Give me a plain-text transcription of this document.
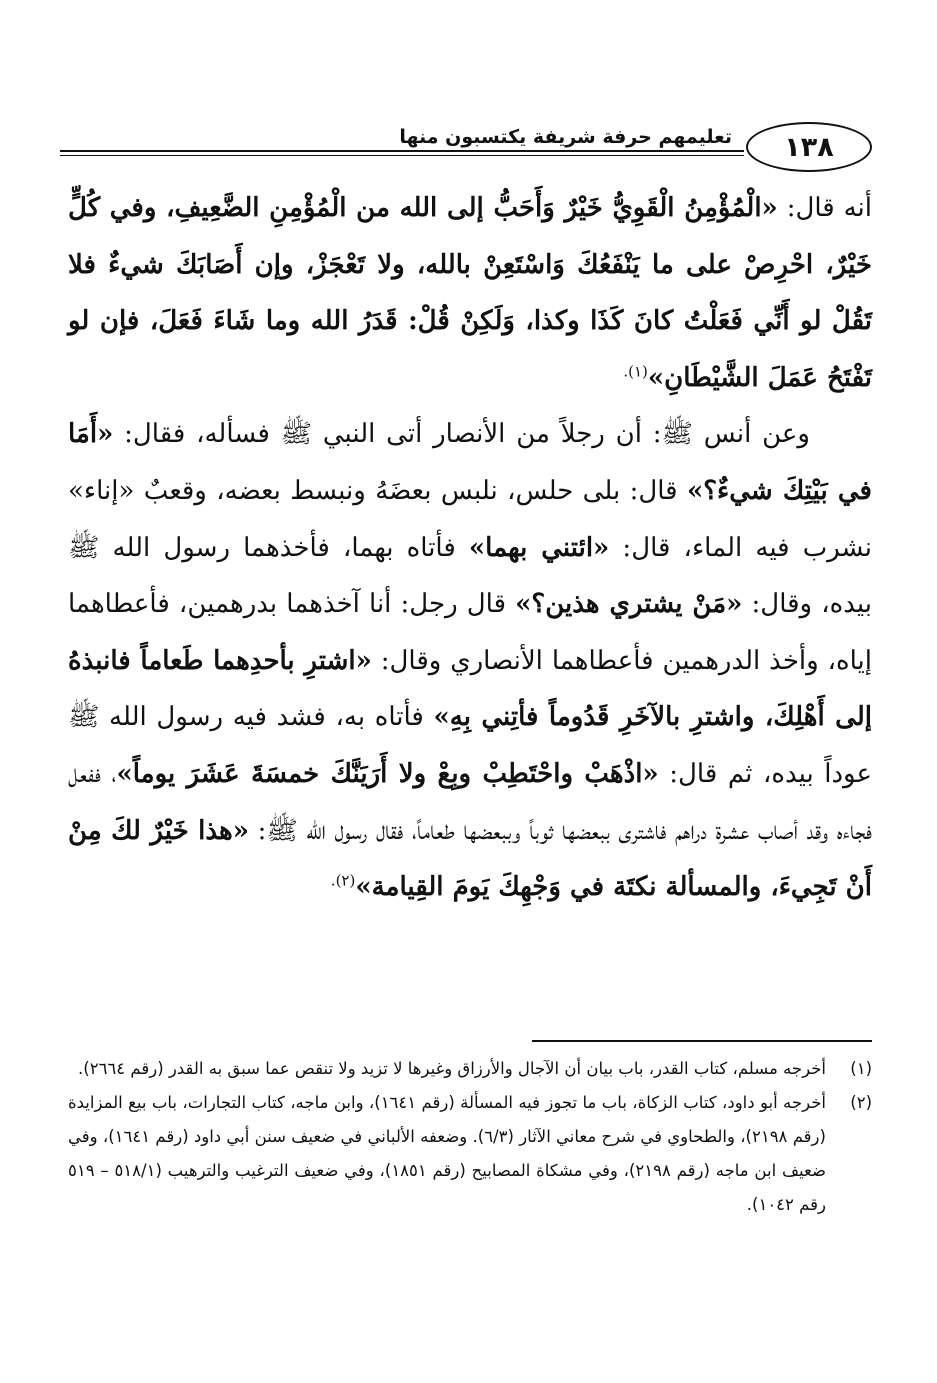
١٣٨
تعليمهم حرفة شريفة يكتسبون منها

أنه قال: «الْمُؤْمِنُ الْقَوِيُّ خَيْرٌ وَأَحَبُّ إلى الله من الْمُؤْمِنِ الضَّعِيفِ، وفي كُلٍّ خَيْرٌ، احْرِصْ على ما يَنْفَعُكَ وَاسْتَعِنْ بالله، ولا تَعْجَزْ، وإن أَصَابَكَ شيءٌ فلا تَقُلْ لو أَنِّي فَعَلْتُ كانَ كَذَا وكذا، وَلَكِنْ قُلْ: قَدَرُ الله وما شَاءَ فَعَلَ، فإن لو تَفْتَحُ عَمَلَ الشَّيْطَانِ»$^{(١).}$

وعن أنس ﷺ: أن رجلاً من الأنصار أتى النبي ﷺ فسأله، فقال: «أَمَا في بَيْتِكَ شيءٌ؟» قال: بلى حلس، نلبس بعضَهُ ونبسط بعضه، وقعبٌ «إناء» نشرب فيه الماء، قال: «ائتني بهما» فأتاه بهما، فأخذهما رسول الله ﷺ بيده، وقال: «مَنْ يشتري هذين؟» قال رجل: أنا آخذهما بدرهمين، فأعطاهما إياه، وأخذ الدرهمين فأعطاهما الأنصاري وقال: «اشترِ بأحدِهما طَعاماً فانبذهُ إلى أَهْلِكَ، واشترِ بالآخَرِ قَدُوماً فأتِني بِهِ» فأتاه به، فشد فيه رسول الله ﷺ عوداً بيده، ثم قال: «اذْهَبْ واحْتَطِبْ وبِعْ ولا أَرَيَنَّكَ خمسَةَ عَشَرَ يوماً»، ففعل فجاءه وقد أصاب عشرة دراهم فاشترى ببعضها ثوباً وببعضها طعاماً، فقال رسول الله ﷺ: «هذا خَيْرٌ لكَ مِنْ أَنْ تَجِيءَ، والمسألة نكتَة في وَجْهِكَ يَومَ القِيامة»$^{(٢).}$

(١)
أخرجه مسلم، كتاب القدر، باب بيان أن الآجال والأرزاق وغيرها لا تزيد ولا تنقص عما سبق به القدر (رقم ٢٦٦٤).
(٢)
أخرجه أبو داود، كتاب الزكاة، باب ما تجوز فيه المسألة (رقم ١٦٤١)، وابن ماجه، كتاب التجارات، باب بيع المزايدة (رقم ٢١٩٨)، والطحاوي في شرح معاني الآثار (٦/٣). وضعفه الألباني في ضعيف سنن أبي داود (رقم ١٦٤١)، وفي ضعيف ابن ماجه (رقم ٢١٩٨)، وفي مشكاة المصابيح (رقم ١٨٥١)، وفي ضعيف الترغيب والترهيب (٥١٨/١ – ٥١٩ رقم ١٠٤٢).
